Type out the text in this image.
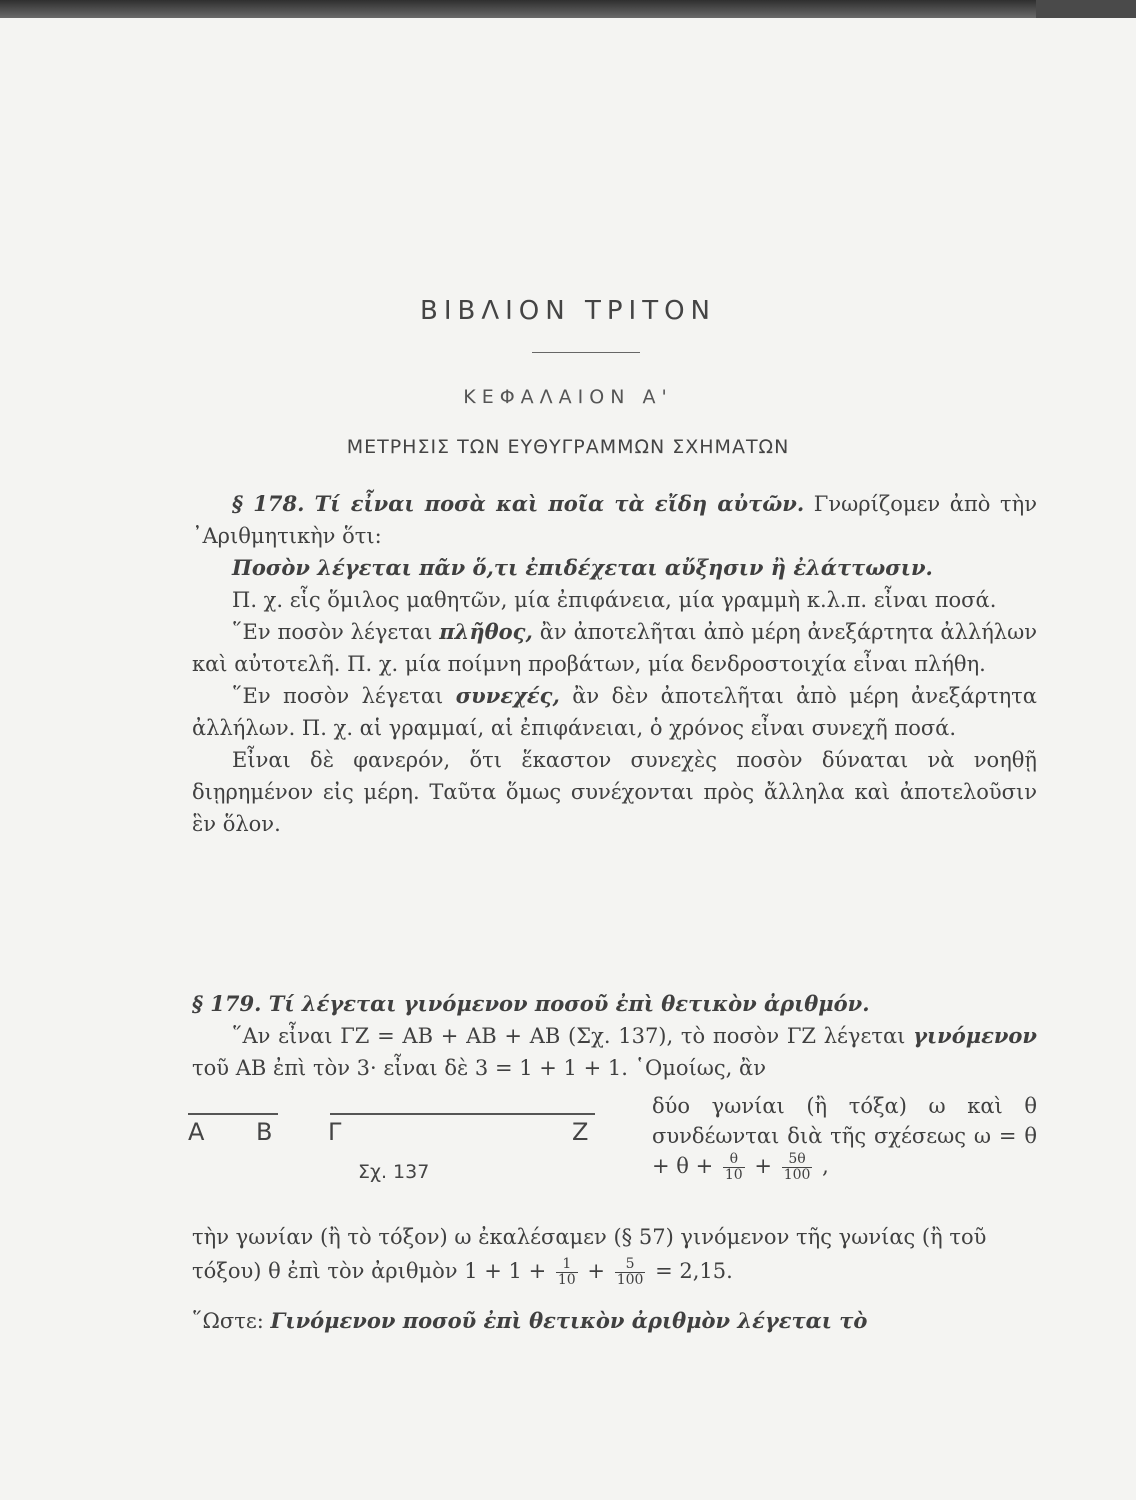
ΒΙΒΛΙΟΝ ΤΡΙΤΟΝ
ΚΕΦΑΛΑΙΟΝ Α'
ΜΕΤΡΗΣΙΣ ΤΩΝ ΕΥΘΥΓΡΑΜΜΩΝ ΣΧΗΜΑΤΩΝ

§ 178. Τί εἶναι ποσὰ καὶ ποῖα τὰ εἴδη αὐτῶν. Γνωρίζομεν ἀπὸ τὴν ᾿Αριθμητικὴν ὅτι:

Ποσὸν λέγεται πᾶν ὅ,τι ἐπιδέχεται αὔξησιν ἢ ἐλάττωσιν.

Π. χ. εἷς ὅμιλος μαθητῶν, μία ἐπιφάνεια, μία γραμμὴ κ.λ.π. εἶναι ποσά.

῞Εν ποσὸν λέγεται πλῆθος, ἂν ἀποτελῆται ἀπὸ μέρη ἀνεξάρτητα ἀλλήλων καὶ αὐτοτελῆ. Π. χ. μία ποίμνη προβάτων, μία δενδροστοιχία εἶναι πλήθη.

῞Εν ποσὸν λέγεται συνεχές, ἂν δὲν ἀποτελῆται ἀπὸ μέρη ἀνεξάρτητα ἀλλήλων. Π. χ. αἱ γραμμαί, αἱ ἐπιφάνειαι, ὁ χρόνος εἶναι συνεχῆ ποσά.

Εἶναι δὲ φανερόν, ὅτι ἕκαστον συνεχὲς ποσὸν δύναται νὰ νοηθῇ διῃρημένον εἰς μέρη. Ταῦτα ὅμως συνέχονται πρὸς ἄλληλα καὶ ἀποτελοῦσιν ἓν ὅλον.

§ 179. Τί λέγεται γινόμενον ποσοῦ ἐπὶ θετικὸν ἀριθμόν.

῞Αν εἶναι ΓΖ = ΑΒ + ΑΒ + ΑΒ (Σχ. 137), τὸ ποσὸν ΓΖ λέγεται γινόμενον τοῦ ΑΒ ἐπὶ τὸν 3· εἶναι δὲ 3 = 1 + 1 + 1. ῾Ομοίως, ἂν

Α Β Γ	Ζ
Σχ. 137
δύο γωνίαι (ἢ τόξα) ω καὶ θ συνδέωνται διὰ τῆς σχέσεως $\omega = \theta + \theta + \frac{\theta}{10} + \frac{5\theta}{100}$ ,

τὴν γωνίαν (ἢ τὸ τόξον) ω ἐκαλέσαμεν (§ 57) γινόμενον τῆς γωνίας (ἢ τοῦ τόξου) θ ἐπὶ τὸν ἀριθμὸν $1 + 1 + \frac{1}{10} + \frac{5}{100} = 2,15$.

῞Ωστε: Γινόμενον ποσοῦ ἐπὶ θετικὸν ἀριθμὸν λέγεται τὸ
